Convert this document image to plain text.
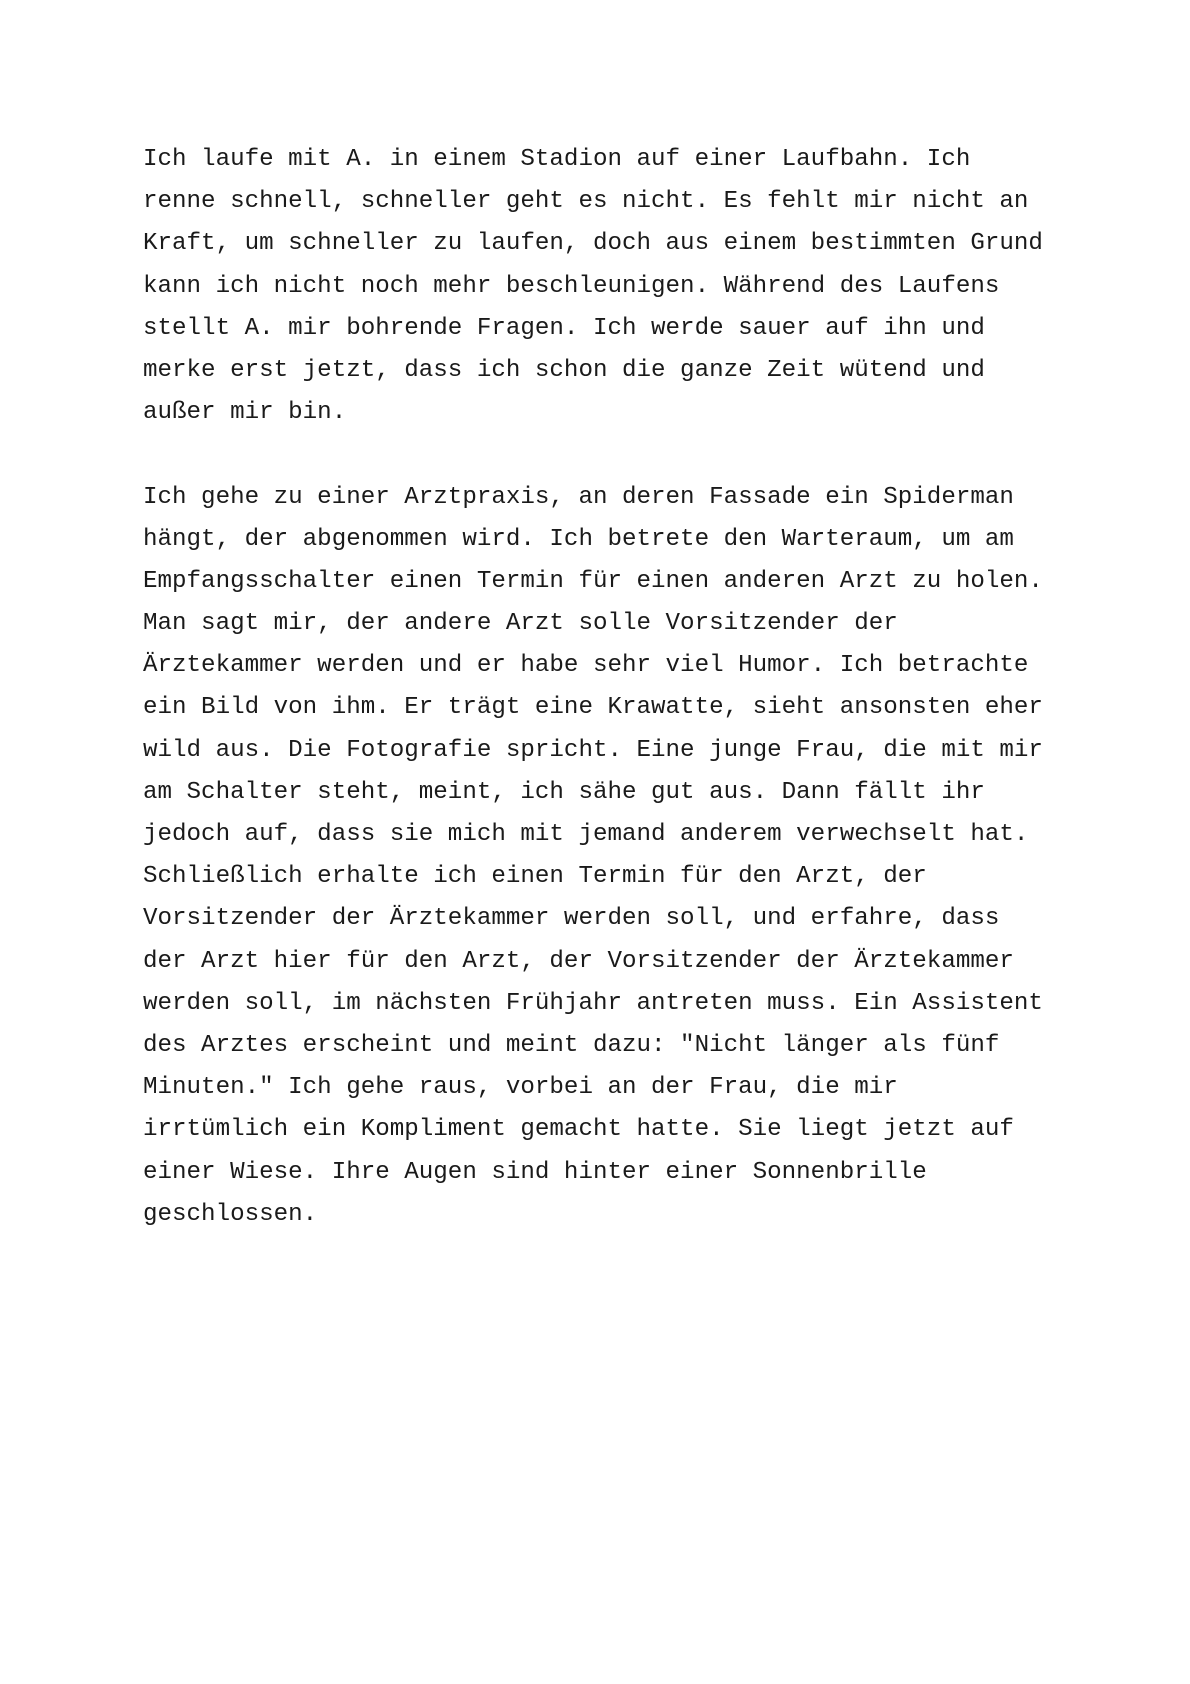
Ich laufe mit A. in einem Stadion auf einer Laufbahn. Ich
renne schnell, schneller geht es nicht. Es fehlt mir nicht an
Kraft, um schneller zu laufen, doch aus einem bestimmten Grund
kann ich nicht noch mehr beschleunigen. Während des Laufens
stellt A. mir bohrende Fragen. Ich werde sauer auf ihn und
merke erst jetzt, dass ich schon die ganze Zeit wütend und
außer mir bin.
Ich gehe zu einer Arztpraxis, an deren Fassade ein Spiderman
hängt, der abgenommen wird. Ich betrete den Warteraum, um am
Empfangsschalter einen Termin für einen anderen Arzt zu holen.
Man sagt mir, der andere Arzt solle Vorsitzender der
Ärztekammer werden und er habe sehr viel Humor. Ich betrachte
ein Bild von ihm. Er trägt eine Krawatte, sieht ansonsten eher
wild aus. Die Fotografie spricht. Eine junge Frau, die mit mir
am Schalter steht, meint, ich sähe gut aus. Dann fällt ihr
jedoch auf, dass sie mich mit jemand anderem verwechselt hat.
Schließlich erhalte ich einen Termin für den Arzt, der
Vorsitzender der Ärztekammer werden soll, und erfahre, dass
der Arzt hier für den Arzt, der Vorsitzender der Ärztekammer
werden soll, im nächsten Frühjahr antreten muss. Ein Assistent
des Arztes erscheint und meint dazu: "Nicht länger als fünf
Minuten." Ich gehe raus, vorbei an der Frau, die mir
irrtümlich ein Kompliment gemacht hatte. Sie liegt jetzt auf
einer Wiese. Ihre Augen sind hinter einer Sonnenbrille
geschlossen.
